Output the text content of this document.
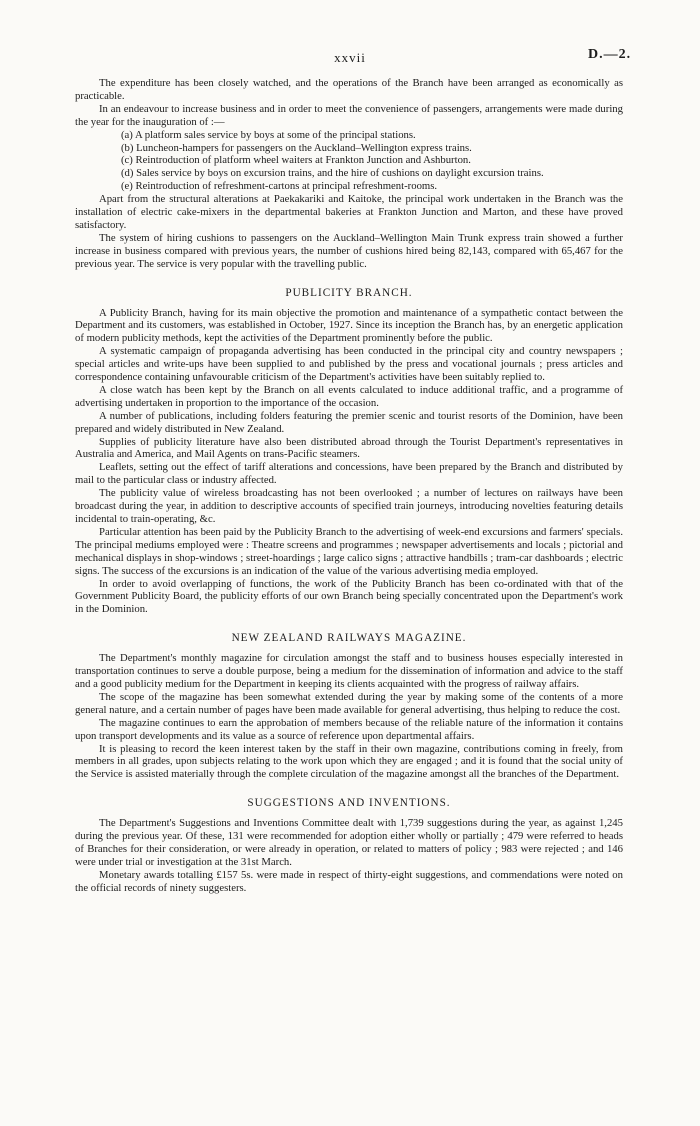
xxvii	D.—2.

The expenditure has been closely watched, and the operations of the Branch have been arranged as economically as practicable.

In an endeavour to increase business and in order to meet the convenience of passengers, arrangements were made during the year for the inauguration of :—

(a) A platform sales service by boys at some of the principal stations.

(b) Luncheon-hampers for passengers on the Auckland–Wellington express trains.

(c) Reintroduction of platform wheel waiters at Frankton Junction and Ashburton.

(d) Sales service by boys on excursion trains, and the hire of cushions on daylight excursion trains.

(e) Reintroduction of refreshment-cartons at principal refreshment-rooms.

Apart from the structural alterations at Paekakariki and Kaitoke, the principal work undertaken in the Branch was the installation of electric cake-mixers in the departmental bakeries at Frankton Junction and Marton, and these have proved satisfactory.

The system of hiring cushions to passengers on the Auckland–Wellington Main Trunk express train showed a further increase in business compared with previous years, the number of cushions hired being 82,143, compared with 65,467 for the previous year. The service is very popular with the travelling public.

PUBLICITY BRANCH.

A Publicity Branch, having for its main objective the promotion and maintenance of a sympathetic contact between the Department and its customers, was established in October, 1927. Since its inception the Branch has, by an energetic application of modern publicity methods, kept the activities of the Department prominently before the public.

A systematic campaign of propaganda advertising has been conducted in the principal city and country newspapers ; special articles and write-ups have been supplied to and published by the press and vocational journals ; press articles and correspondence containing unfavourable criticism of the Department's activities have been suitably replied to.

A close watch has been kept by the Branch on all events calculated to induce additional traffic, and a programme of advertising undertaken in proportion to the importance of the occasion.

A number of publications, including folders featuring the premier scenic and tourist resorts of the Dominion, have been prepared and widely distributed in New Zealand.

Supplies of publicity literature have also been distributed abroad through the Tourist Department's representatives in Australia and America, and Mail Agents on trans-Pacific steamers.

Leaflets, setting out the effect of tariff alterations and concessions, have been prepared by the Branch and distributed by mail to the particular class or industry affected.

The publicity value of wireless broadcasting has not been overlooked ; a number of lectures on railways have been broadcast during the year, in addition to descriptive accounts of specified train journeys, introducing novelties featuring details incidental to train-operating, &c.

Particular attention has been paid by the Publicity Branch to the advertising of week-end excursions and farmers' specials. The principal mediums employed were : Theatre screens and programmes ; newspaper advertisements and locals ; pictorial and mechanical displays in shop-windows ; street-hoardings ; large calico signs ; attractive handbills ; tram-car dashboards ; electric signs. The success of the excursions is an indication of the value of the various advertising media employed.

In order to avoid overlapping of functions, the work of the Publicity Branch has been co-ordinated with that of the Government Publicity Board, the publicity efforts of our own Branch being specially concentrated upon the Department's work in the Dominion.

NEW ZEALAND RAILWAYS MAGAZINE.

The Department's monthly magazine for circulation amongst the staff and to business houses especially interested in transportation continues to serve a double purpose, being a medium for the dissemination of information and advice to the staff and a good publicity medium for the Department in keeping its clients acquainted with the progress of railway affairs.

The scope of the magazine has been somewhat extended during the year by making some of the contents of a more general nature, and a certain number of pages have been made available for general advertising, thus helping to reduce the cost.

The magazine continues to earn the approbation of members because of the reliable nature of the information it contains upon transport developments and its value as a source of reference upon departmental affairs.

It is pleasing to record the keen interest taken by the staff in their own magazine, contributions coming in freely, from members in all grades, upon subjects relating to the work upon which they are engaged ; and it is found that the social unity of the Service is assisted materially through the complete circulation of the magazine amongst all the branches of the Department.

SUGGESTIONS AND INVENTIONS.

The Department's Suggestions and Inventions Committee dealt with 1,739 suggestions during the year, as against 1,245 during the previous year. Of these, 131 were recommended for adoption either wholly or partially ; 479 were referred to heads of Branches for their consideration, or were already in operation, or related to matters of policy ; 983 were rejected ; and 146 were under trial or investigation at the 31st March.

Monetary awards totalling £157 5s. were made in respect of thirty-eight suggestions, and commendations were noted on the official records of ninety suggesters.
